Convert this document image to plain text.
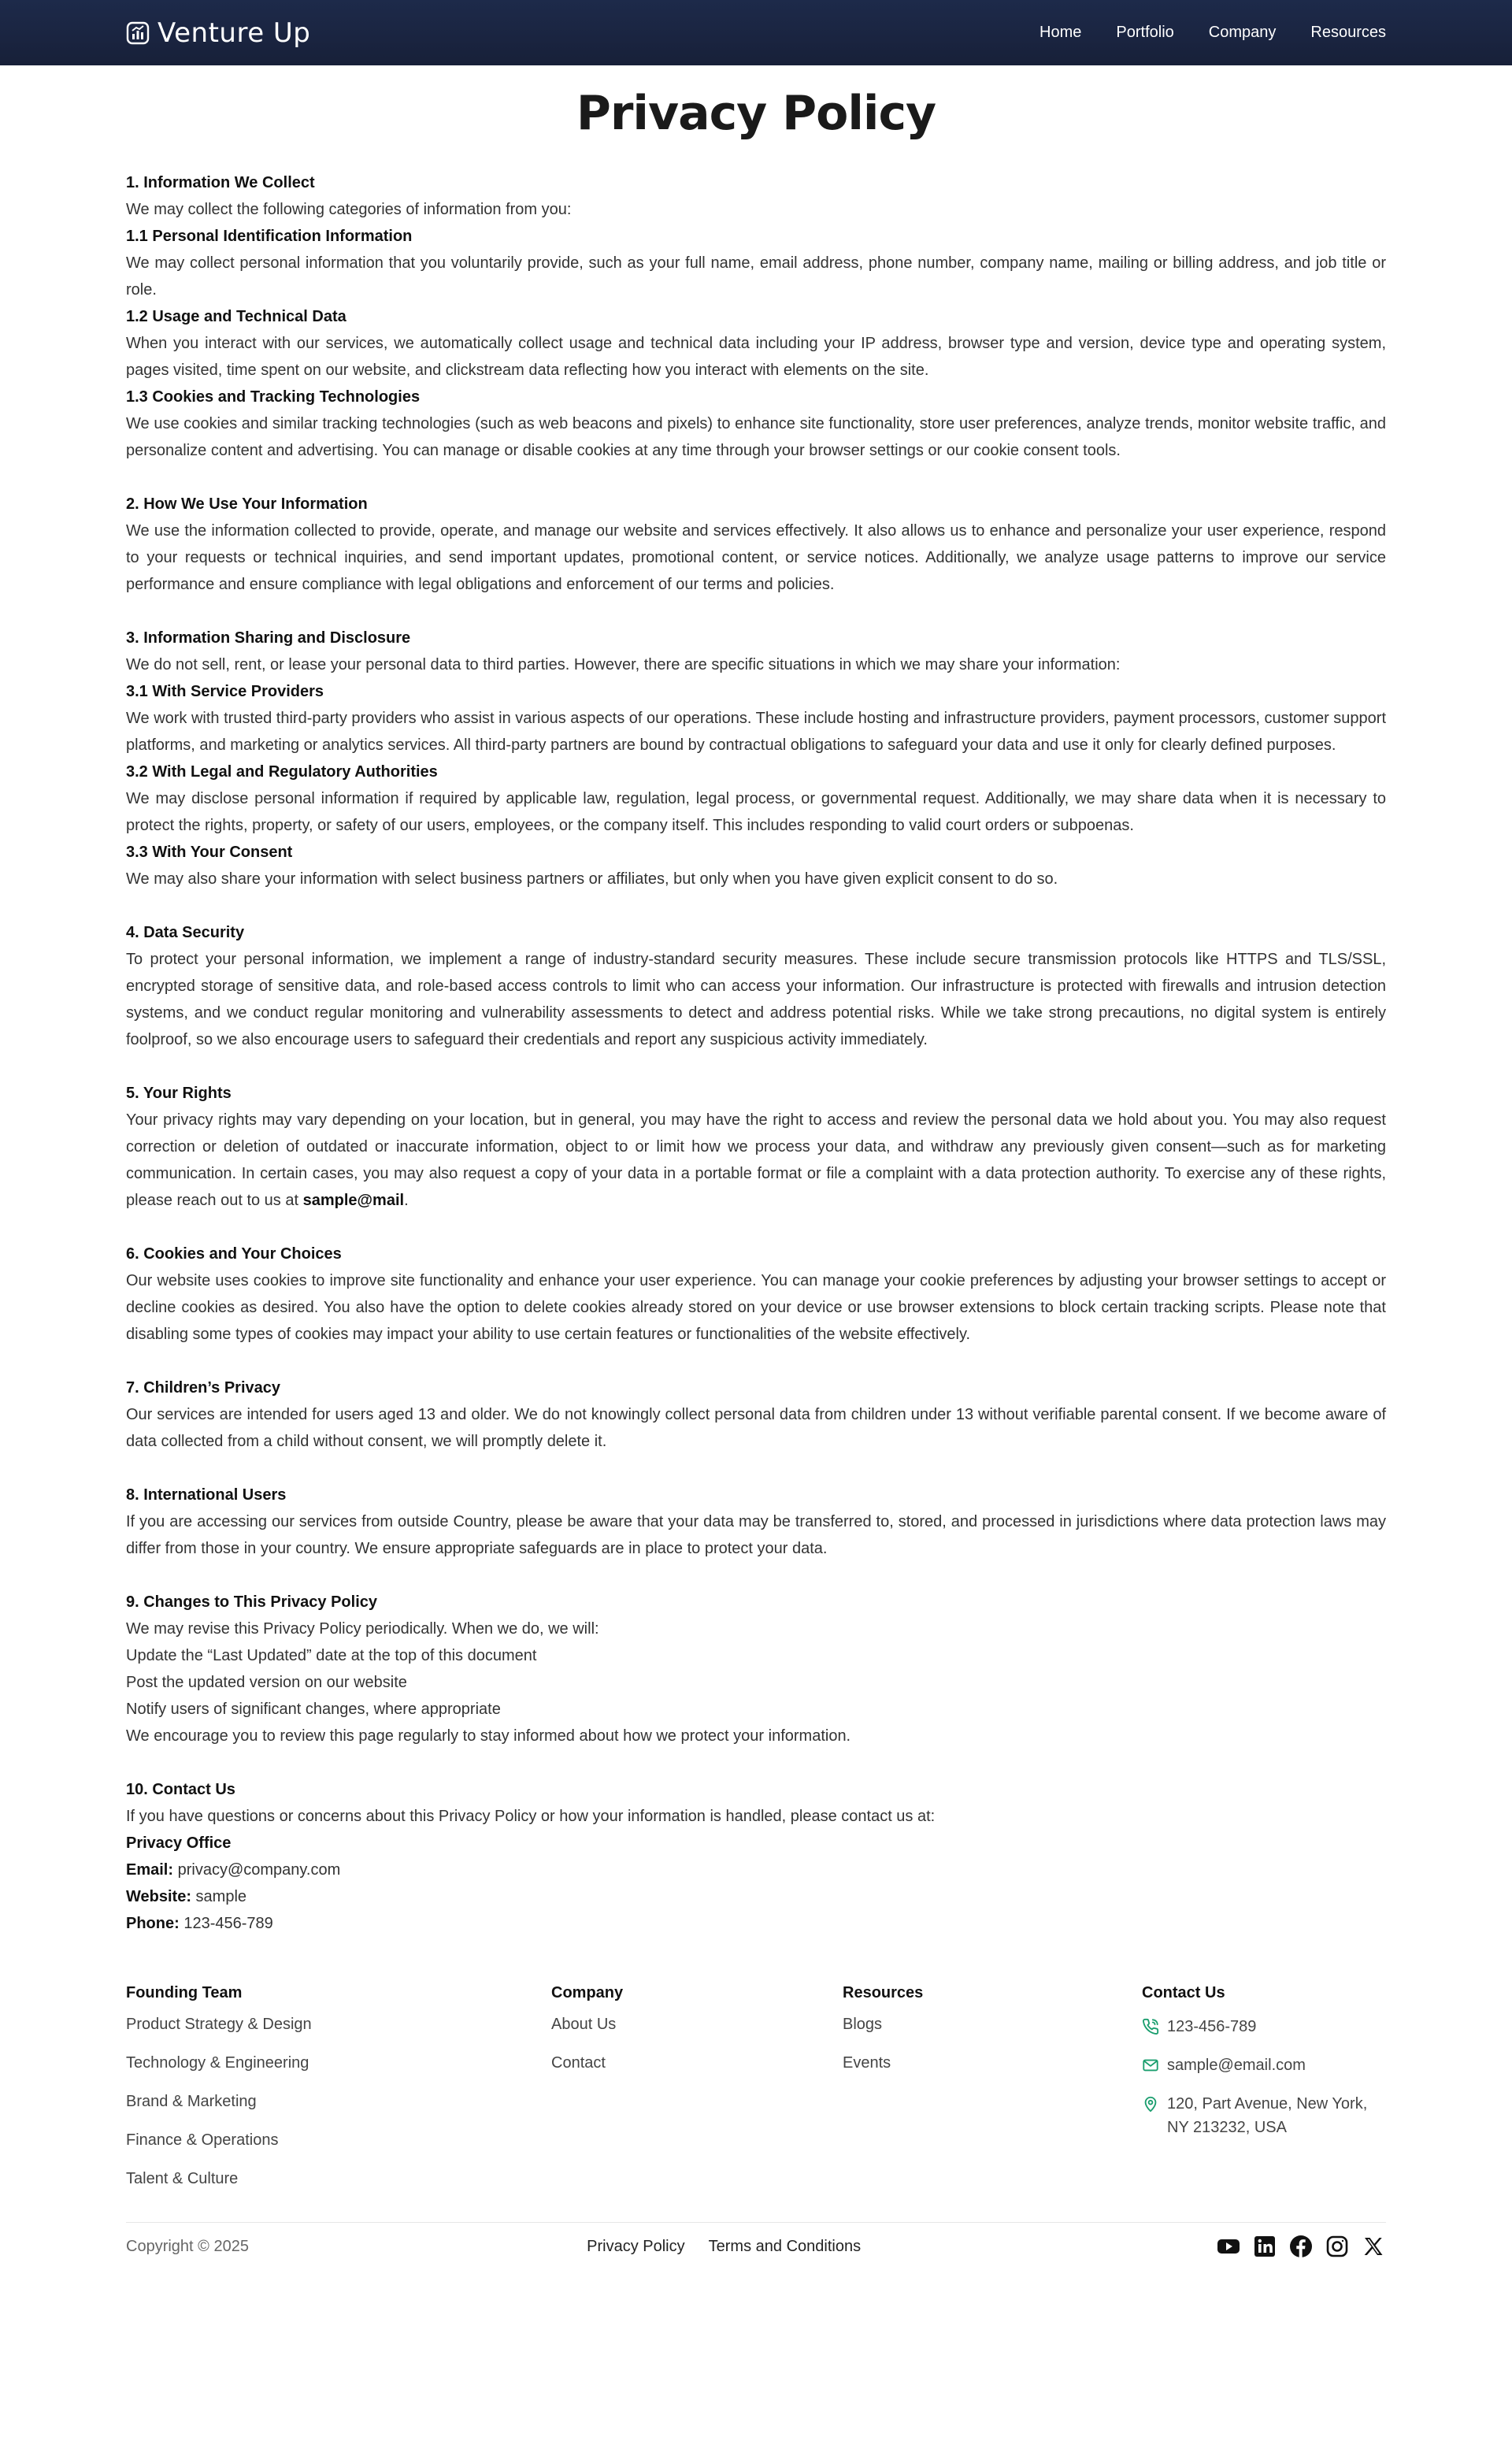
Venture Up	Home Portfolio Company Resources
Privacy Policy
1. Information We Collect

We may collect the following categories of information from you:

1.1 Personal Identification Information

We may collect personal information that you voluntarily provide, such as your full name, email address, phone number, company name, mailing or billing address, and job title or role.

1.2 Usage and Technical Data

When you interact with our services, we automatically collect usage and technical data including your IP address, browser type and version, device type and operating system, pages visited, time spent on our website, and clickstream data reflecting how you interact with elements on the site.

1.3 Cookies and Tracking Technologies

We use cookies and similar tracking technologies (such as web beacons and pixels) to enhance site functionality, store user preferences, analyze trends, monitor website traffic, and personalize content and advertising. You can manage or disable cookies at any time through your browser settings or our cookie consent tools.

2. How We Use Your Information

We use the information collected to provide, operate, and manage our website and services effectively. It also allows us to enhance and personalize your user experience, respond to your requests or technical inquiries, and send important updates, promotional content, or service notices. Additionally, we analyze usage patterns to improve our service performance and ensure compliance with legal obligations and enforcement of our terms and policies.

3. Information Sharing and Disclosure

We do not sell, rent, or lease your personal data to third parties. However, there are specific situations in which we may share your information:

3.1 With Service Providers

We work with trusted third-party providers who assist in various aspects of our operations. These include hosting and infrastructure providers, payment processors, customer support platforms, and marketing or analytics services. All third-party partners are bound by contractual obligations to safeguard your data and use it only for clearly defined purposes.

3.2 With Legal and Regulatory Authorities

We may disclose personal information if required by applicable law, regulation, legal process, or governmental request. Additionally, we may share data when it is necessary to protect the rights, property, or safety of our users, employees, or the company itself. This includes responding to valid court orders or subpoenas.

3.3 With Your Consent

We may also share your information with select business partners or affiliates, but only when you have given explicit consent to do so.

4. Data Security

To protect your personal information, we implement a range of industry-standard security measures. These include secure transmission protocols like HTTPS and TLS/SSL, encrypted storage of sensitive data, and role-based access controls to limit who can access your information. Our infrastructure is protected with firewalls and intrusion detection systems, and we conduct regular monitoring and vulnerability assessments to detect and address potential risks. While we take strong precautions, no digital system is entirely foolproof, so we also encourage users to safeguard their credentials and report any suspicious activity immediately.

5. Your Rights

Your privacy rights may vary depending on your location, but in general, you may have the right to access and review the personal data we hold about you. You may also request correction or deletion of outdated or inaccurate information, object to or limit how we process your data, and withdraw any previously given consent—such as for marketing communication. In certain cases, you may also request a copy of your data in a portable format or file a complaint with a data protection authority. To exercise any of these rights, please reach out to us at sample@mail.

6. Cookies and Your Choices

Our website uses cookies to improve site functionality and enhance your user experience. You can manage your cookie preferences by adjusting your browser settings to accept or decline cookies as desired. You also have the option to delete cookies already stored on your device or use browser extensions to block certain tracking scripts. Please note that disabling some types of cookies may impact your ability to use certain features or functionalities of the website effectively.

7. Children’s Privacy

Our services are intended for users aged 13 and older. We do not knowingly collect personal data from children under 13 without verifiable parental consent. If we become aware of data collected from a child without consent, we will promptly delete it.

8. International Users

If you are accessing our services from outside Country, please be aware that your data may be transferred to, stored, and processed in jurisdictions where data protection laws may differ from those in your country. We ensure appropriate safeguards are in place to protect your data.

9. Changes to This Privacy Policy
We may revise this Privacy Policy periodically. When we do, we will:
Update the “Last Updated” date at the top of this document
Post the updated version on our website
Notify users of significant changes, where appropriate
We encourage you to review this page regularly to stay informed about how we protect your information.
10. Contact Us
If you have questions or concerns about this Privacy Policy or how your information is handled, please contact us at:
Privacy Office
Email: privacy@company.com
Website: sample
Phone: 123-456-789
Founding Team
Product Strategy & Design
Technology & Engineering
Brand & Marketing
Finance & Operations
Talent & Culture
Company
About Us
Contact
Resources
Blogs
Events
Contact Us
123-456-789
sample@email.com
120, Part Avenue, New York,
NY 213232, USA
Copyright © 2025	Privacy Policy Terms and Conditions
